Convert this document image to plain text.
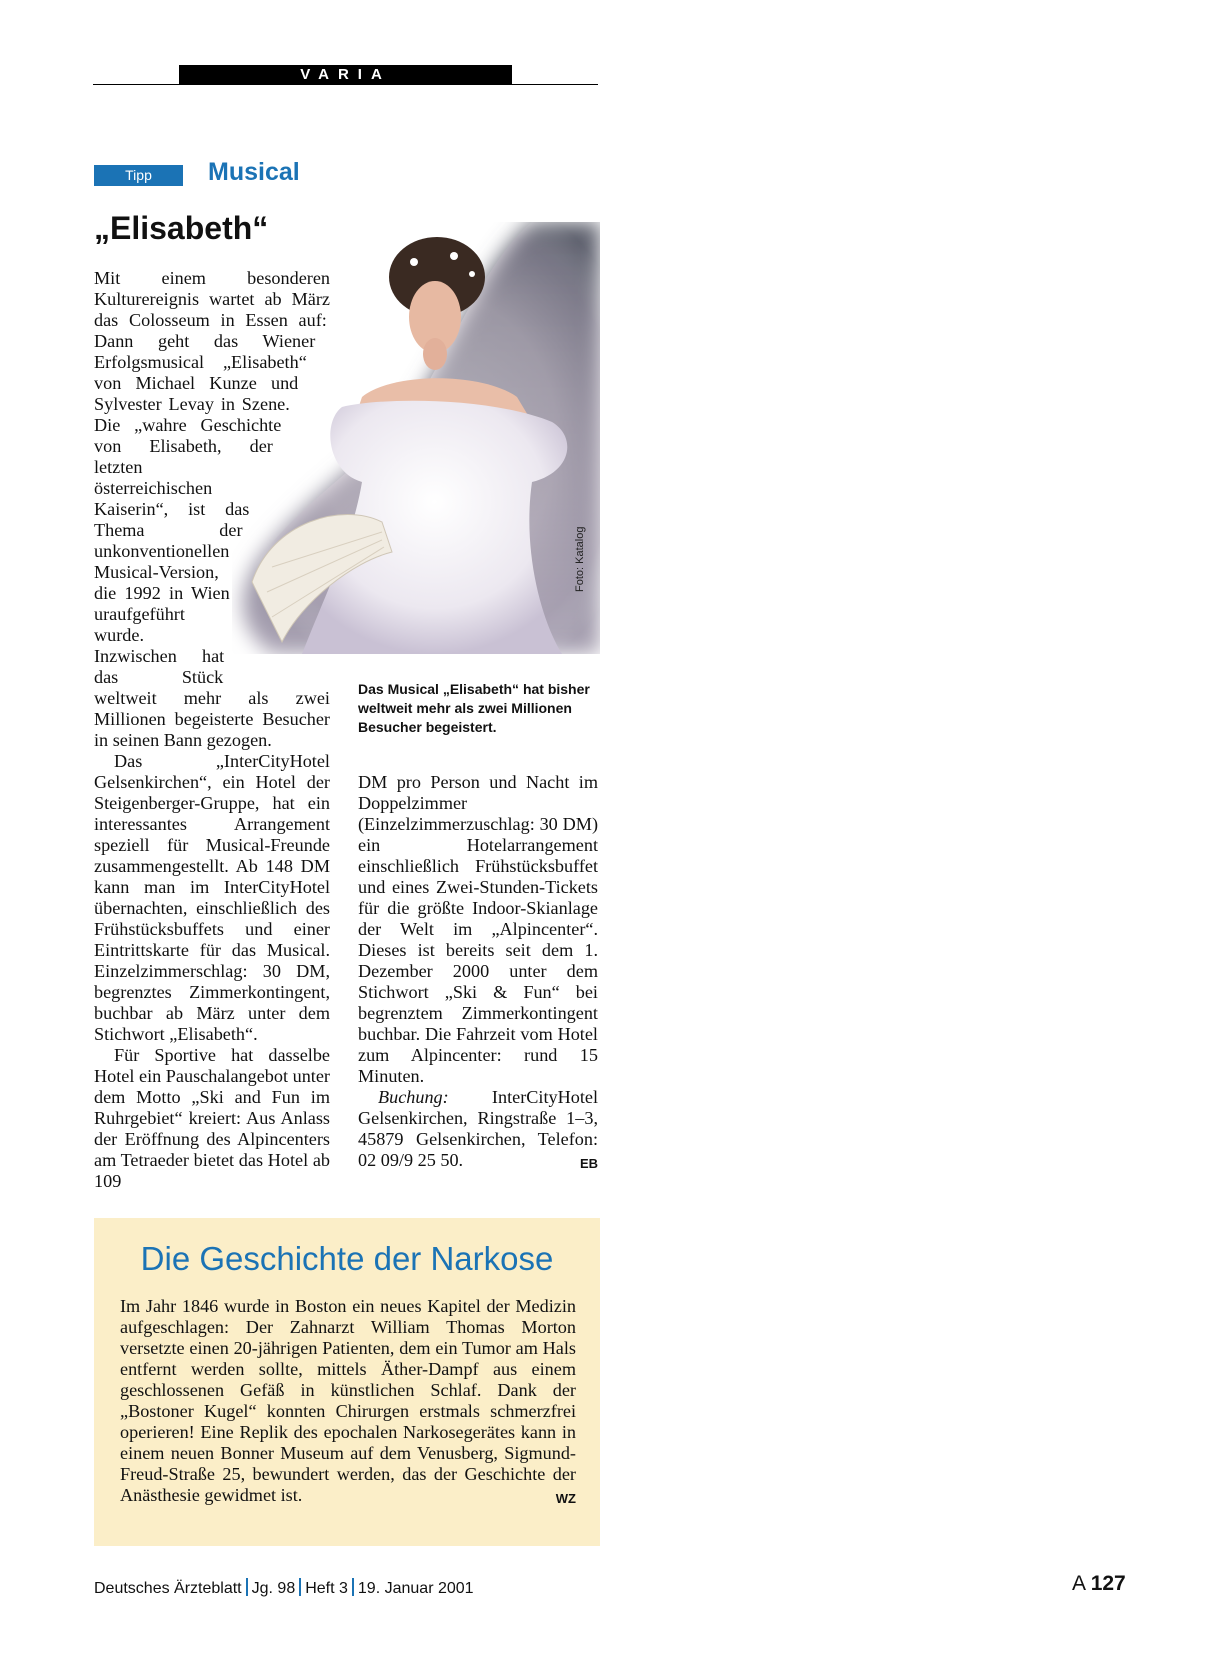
VARIA
Tipp	Musical
„Elisabeth“
Foto: Katalog
Das Musical „Elisabeth“ hat bisher weltweit mehr als zwei Millionen Besucher begeistert.

Mit einem besonderen Kulturereignis wartet ab März das Colosseum in Essen auf: Dann geht das Wiener Erfolgsmusical „Elisabeth“ von Michael Kunze und Sylvester Levay in Szene. Die „wahre Geschichte von Elisabeth, der letzten österreichischen Kaiserin“, ist das Thema der unkonventionellen Musical-Version, die 1992 in Wien uraufgeführt wurde. Inzwischen hat das Stück weltweit mehr als zwei Millionen begeisterte Besucher in seinen Bann gezogen.

Das „InterCityHotel Gelsenkirchen“, ein Hotel der Steigenberger-Gruppe, hat ein interessantes Arrangement speziell für Musical-Freunde zusammengestellt. Ab 148 DM kann man im InterCityHotel übernachten, einschließlich des Frühstücksbuffets und einer Eintrittskarte für das Musical. Einzelzimmerschlag: 30 DM, begrenztes Zimmerkontingent, buchbar ab März unter dem Stichwort „Elisabeth“.

Für Sportive hat dasselbe Hotel ein Pauschalangebot unter dem Motto „Ski and Fun im Ruhrgebiet“ kreiert: Aus Anlass der Eröffnung des Alpincenters am Tetraeder bietet das Hotel ab 109

DM pro Person und Nacht im Doppelzimmer (Einzelzimmerzuschlag: 30 DM) ein Hotelarrangement einschließlich Frühstücksbuffet und eines Zwei-Stunden-Tickets für die größte Indoor-Skianlage der Welt im „Alpincenter“. Dieses ist bereits seit dem 1. Dezember 2000 unter dem Stichwort „Ski & Fun“ bei begrenztem Zimmerkontingent buchbar. Die Fahrzeit vom Hotel zum Alpincenter: rund 15 Minuten.

Buchung: InterCityHotel Gelsenkirchen, Ringstraße 1–3, 45879 Gelsenkirchen, Telefon: 02 09/9 25 50.	EB

Die Geschichte der Narkose
Im Jahr 1846 wurde in Boston ein neues Kapitel der Medizin aufgeschlagen: Der Zahnarzt William Thomas Morton versetzte einen 20-jährigen Patienten, dem ein Tumor am Hals entfernt werden sollte, mittels Äther-Dampf aus einem geschlossenen Gefäß in künstlichen Schlaf. Dank der „Bostoner Kugel“ konnten Chirurgen erstmals schmerzfrei operieren! Eine Replik des epochalen Narkosegerätes kann in einem neuen Bonner Museum auf dem Venusberg, Sigmund-Freud-Straße 25, bewundert werden, das der Geschichte der Anästhesie gewidmet ist.	WZ
Deutsches Ärzteblatt Jg. 98 Heft 3 19. Januar 2001	A 127
